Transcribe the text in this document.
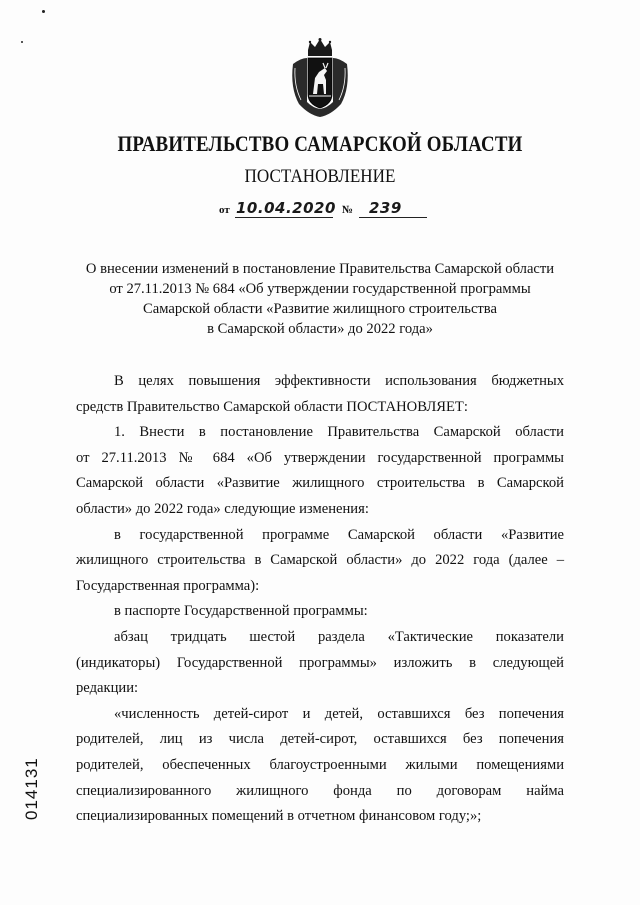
ПРАВИТЕЛЬСТВО САМАРСКОЙ ОБЛАСТИ
ПОСТАНОВЛЕНИЕ
от 10.04.2020 № 239
О внесении изменений в постановление Правительства Самарской области
от 27.11.2013 № 684 «Об утверждении государственной программы
Самарской области «Развитие жилищного строительства
в Самарской области» до 2022 года»
В целях повышения эффективности использования бюджетных
средств Правительство Самарской области ПОСТАНОВЛЯЕТ:
1. Внести в постановление Правительства Самарской области
от 27.11.2013 № 684 «Об утверждении государственной программы
Самарской области «Развитие жилищного строительства в Самарской
области» до 2022 года» следующие изменения:
в государственной программе Самарской области «Развитие
жилищного строительства в Самарской области» до 2022 года (далее –
Государственная программа):
в паспорте Государственной программы:
абзац тридцать шестой раздела «Тактические показатели
(индикаторы) Государственной программы» изложить в следующей
редакции:
«численность детей-сирот и детей, оставшихся без попечения
родителей, лиц из числа детей-сирот, оставшихся без попечения
родителей, обеспеченных благоустроенными жилыми помещениями
специализированного жилищного фонда по договорам найма
специализированных помещений в отчетном финансовом году;»;
014131
